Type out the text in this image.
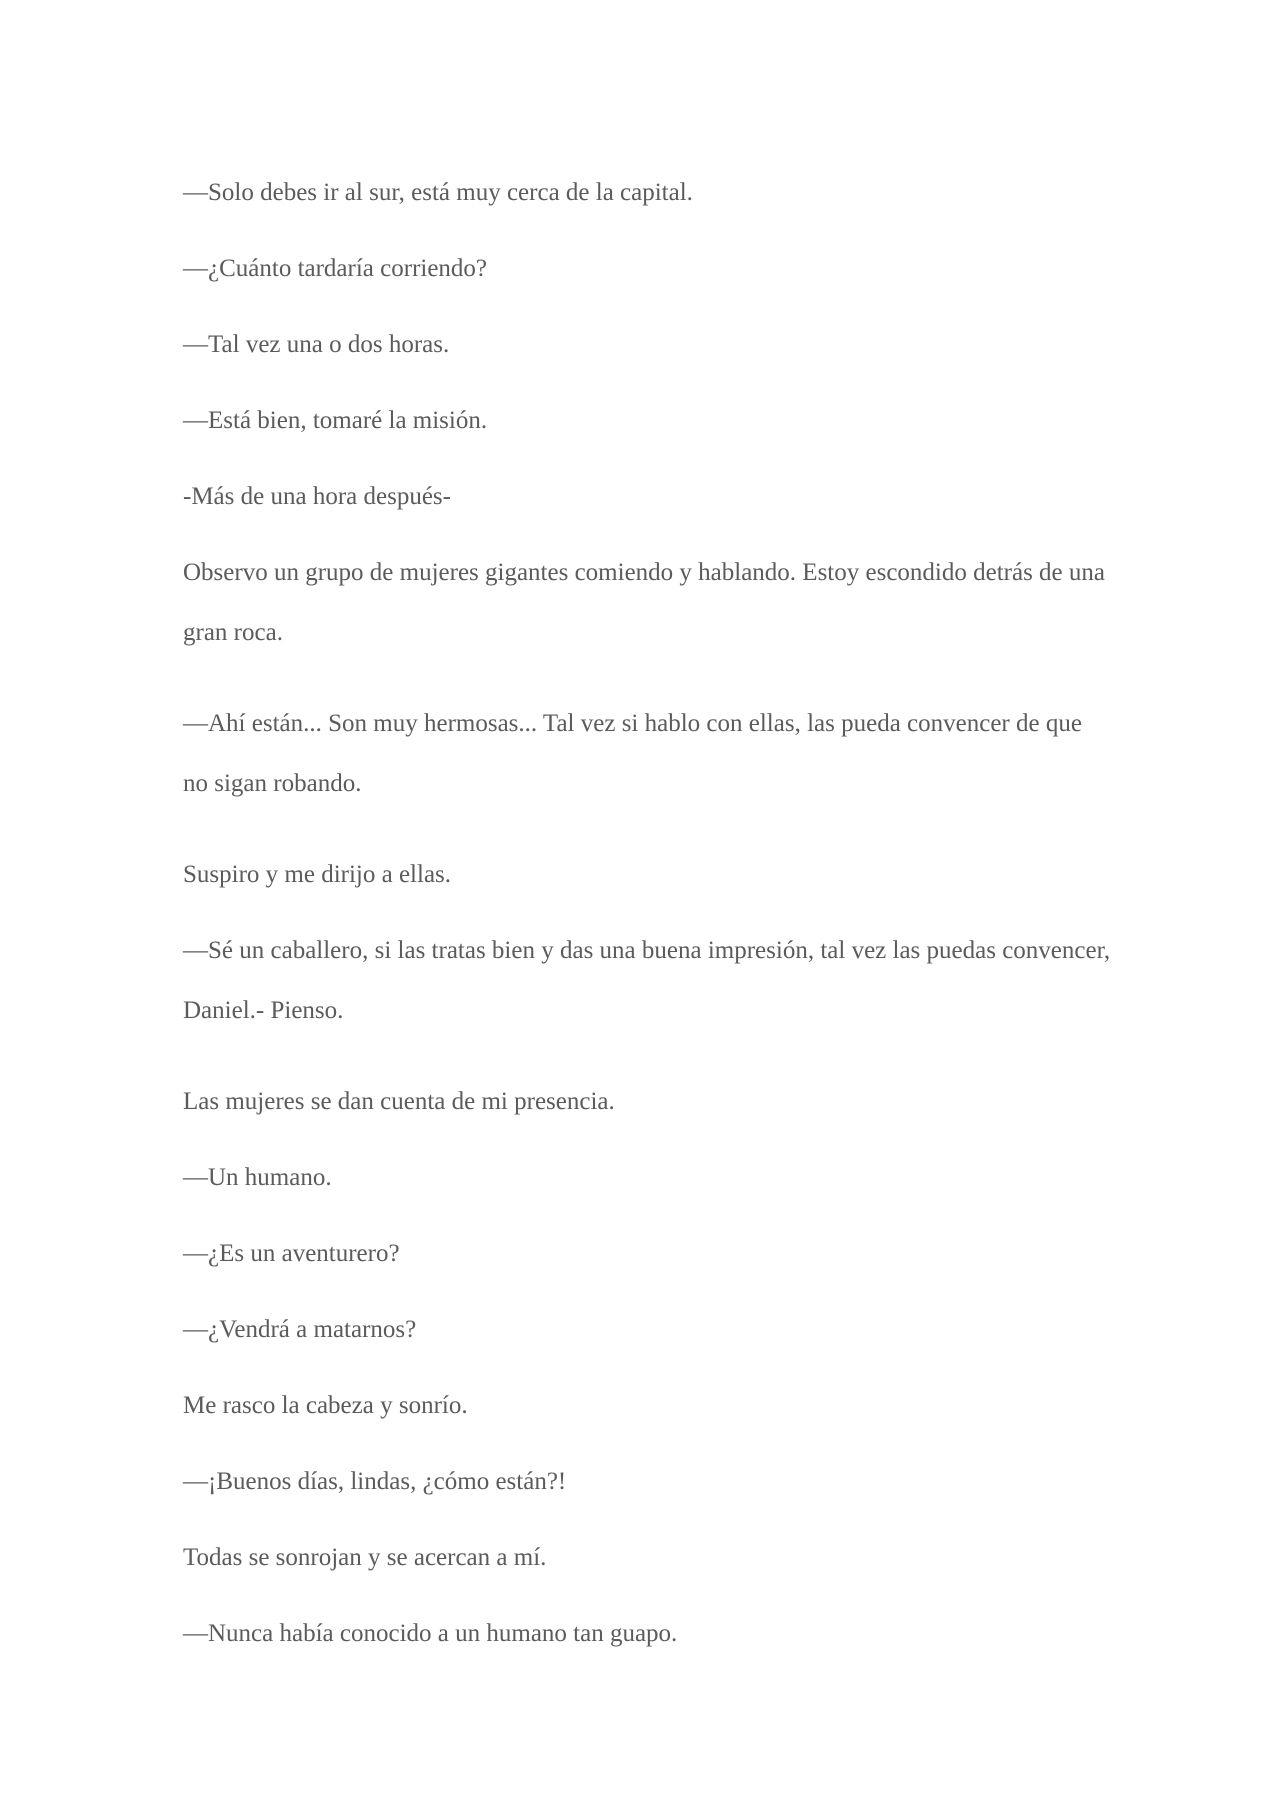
—Solo debes ir al sur, está muy cerca de la capital.

—¿Cuánto tardaría corriendo?

—Tal vez una o dos horas.

—Está bien, tomaré la misión.

-Más de una hora después-

Observo un grupo de mujeres gigantes comiendo y hablando. Estoy escondido detrás de una gran roca.

—Ahí están... Son muy hermosas... Tal vez si hablo con ellas, las pueda convencer de que no sigan robando.

Suspiro y me dirijo a ellas.

—Sé un caballero, si las tratas bien y das una buena impresión, tal vez las puedas convencer, Daniel.- Pienso.

Las mujeres se dan cuenta de mi presencia.

—Un humano.

—¿Es un aventurero?

—¿Vendrá a matarnos?

Me rasco la cabeza y sonrío.

—¡Buenos días, lindas, ¿cómo están?!

Todas se sonrojan y se acercan a mí.

—Nunca había conocido a un humano tan guapo.
